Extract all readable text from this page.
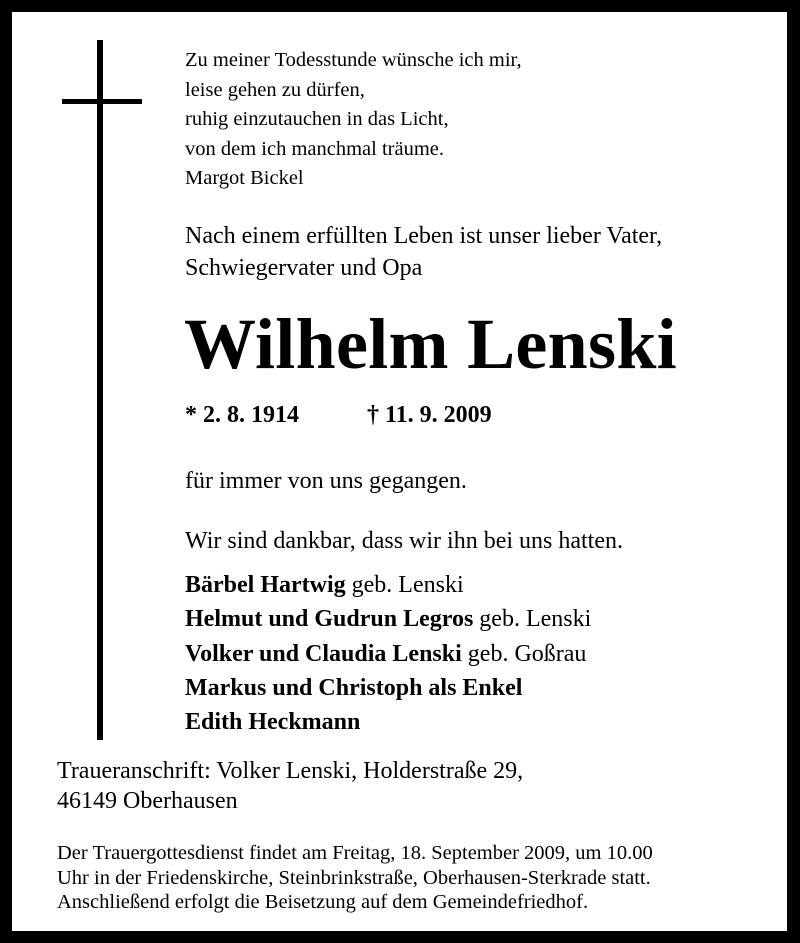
Zu meiner Todesstunde wünsche ich mir,
leise gehen zu dürfen,
ruhig einzutauchen in das Licht,
von dem ich manchmal träume.
Margot Bickel
Nach einem erfüllten Leben ist unser lieber Vater,
Schwiegervater und Opa
Wilhelm Lenski
* 2. 8. 1914	† 11. 9. 2009
für immer von uns gegangen.
Wir sind dankbar, dass wir ihn bei uns hatten.
Bärbel Hartwig geb. Lenski
Helmut und Gudrun Legros geb. Lenski
Volker und Claudia Lenski geb. Goßrau
Markus und Christoph als Enkel
Edith Heckmann
Traueranschrift: Volker Lenski, Holderstraße 29,
46149 Oberhausen
Der Trauergottesdienst findet am Freitag, 18. September 2009, um 10.00
Uhr in der Friedenskirche, Steinbrinkstraße, Oberhausen-Sterkrade statt.
Anschließend erfolgt die Beisetzung auf dem Gemeindefriedhof.
